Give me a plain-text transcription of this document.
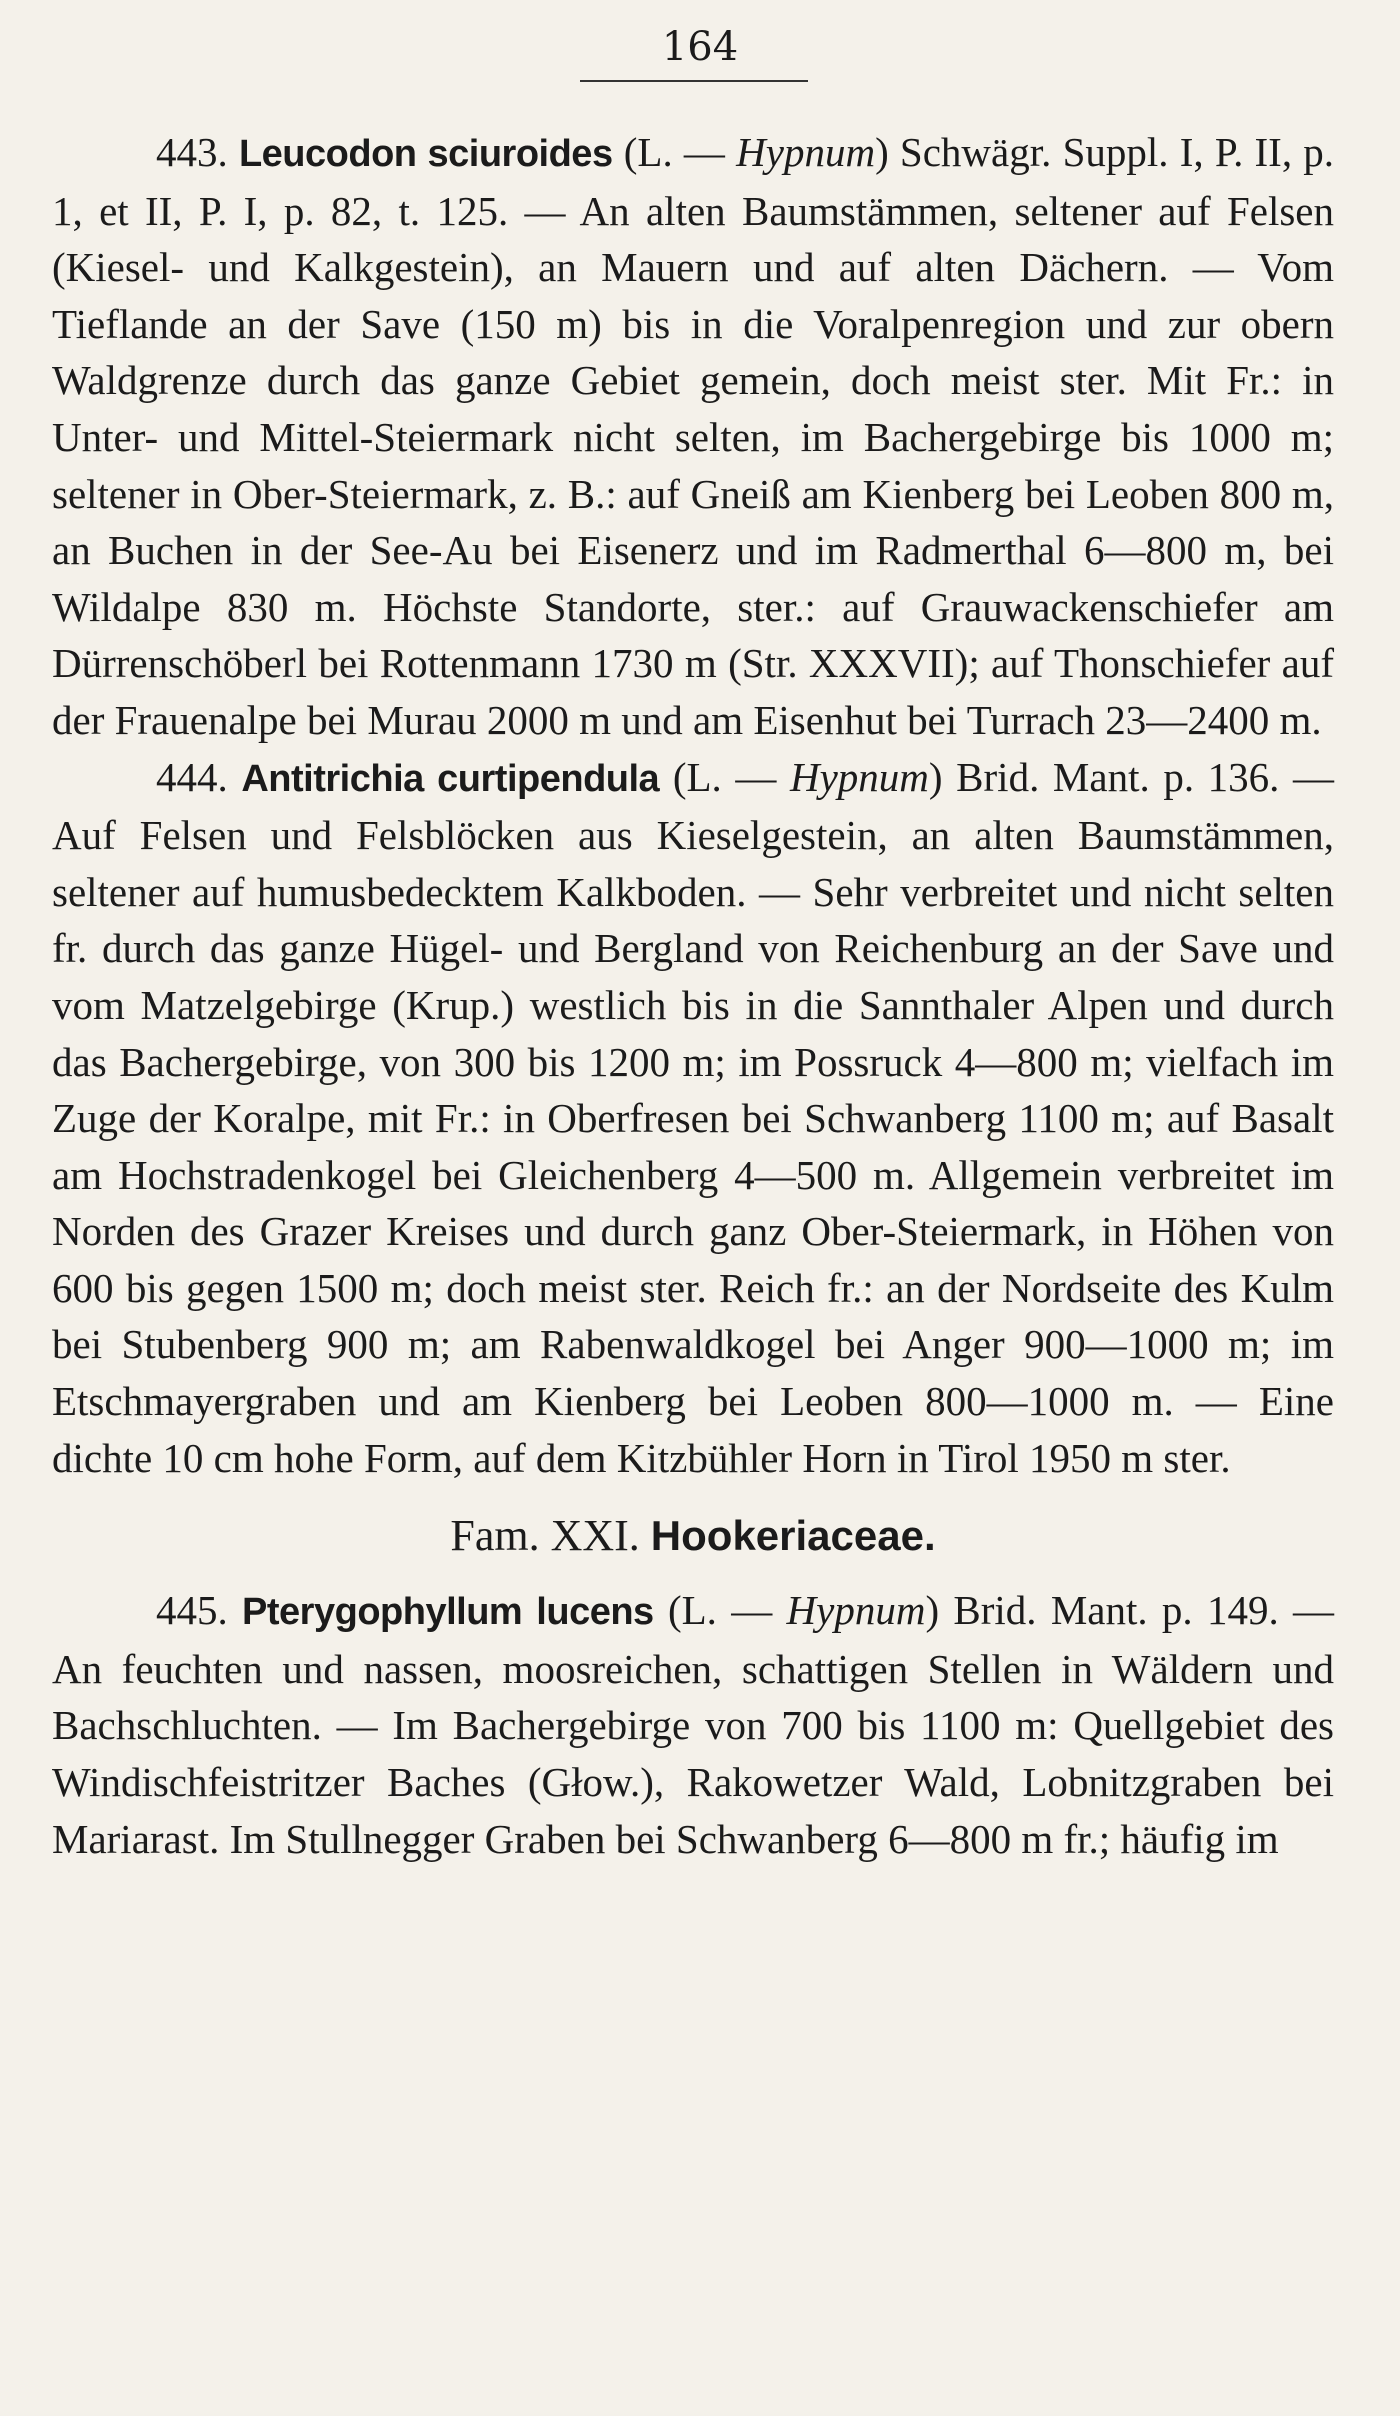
164

443. Leucodon sciuroides (L. — Hypnum) Schwägr. Suppl. I, P. II, p. 1, et II, P. I, p. 82, t. 125. — An alten Baumstämmen, seltener auf Felsen (Kiesel- und Kalkgestein), an Mauern und auf alten Dächern. — Vom Tieflande an der Save (150 m) bis in die Voralpenregion und zur obern Waldgrenze durch das ganze Gebiet gemein, doch meist ster. Mit Fr.: in Unter- und Mittel-Steiermark nicht selten, im Bachergebirge bis 1000 m; seltener in Ober-Steiermark, z. B.: auf Gneiß am Kienberg bei Leoben 800 m, an Buchen in der See-Au bei Eisenerz und im Radmerthal 6—800 m, bei Wildalpe 830 m. Höchste Standorte, ster.: auf Grauwackenschiefer am Dürrenschöberl bei Rottenmann 1730 m (Str. XXXVII); auf Thonschiefer auf der Frauenalpe bei Murau 2000 m und am Eisenhut bei Turrach 23—2400 m.

444. Antitrichia curtipendula (L. — Hypnum) Brid. Mant. p. 136. — Auf Felsen und Felsblöcken aus Kieselgestein, an alten Baumstämmen, seltener auf humusbedecktem Kalkboden. — Sehr verbreitet und nicht selten fr. durch das ganze Hügel- und Bergland von Reichenburg an der Save und vom Matzelgebirge (Krup.) westlich bis in die Sannthaler Alpen und durch das Bachergebirge, von 300 bis 1200 m; im Possruck 4—800 m; vielfach im Zuge der Koralpe, mit Fr.: in Oberfresen bei Schwanberg 1100 m; auf Basalt am Hochstradenkogel bei Gleichenberg 4—500 m. Allgemein verbreitet im Norden des Grazer Kreises und durch ganz Ober-Steiermark, in Höhen von 600 bis gegen 1500 m; doch meist ster. Reich fr.: an der Nordseite des Kulm bei Stubenberg 900 m; am Rabenwaldkogel bei Anger 900—1000 m; im Etschmayergraben und am Kienberg bei Leoben 800—1000 m. — Eine dichte 10 cm hohe Form, auf dem Kitzbühler Horn in Tirol 1950 m ster.

Fam. XXI. Hookeriaceae.

445. Pterygophyllum lucens (L. — Hypnum) Brid. Mant. p. 149. — An feuchten und nassen, moosreichen, schattigen Stellen in Wäldern und Bachschluchten. — Im Bachergebirge von 700 bis 1100 m: Quellgebiet des Windischfeistritzer Baches (Głow.), Rakowetzer Wald, Lobnitzgraben bei Mariarast. Im Stullnegger Graben bei Schwanberg 6—800 m fr.; häufig im
